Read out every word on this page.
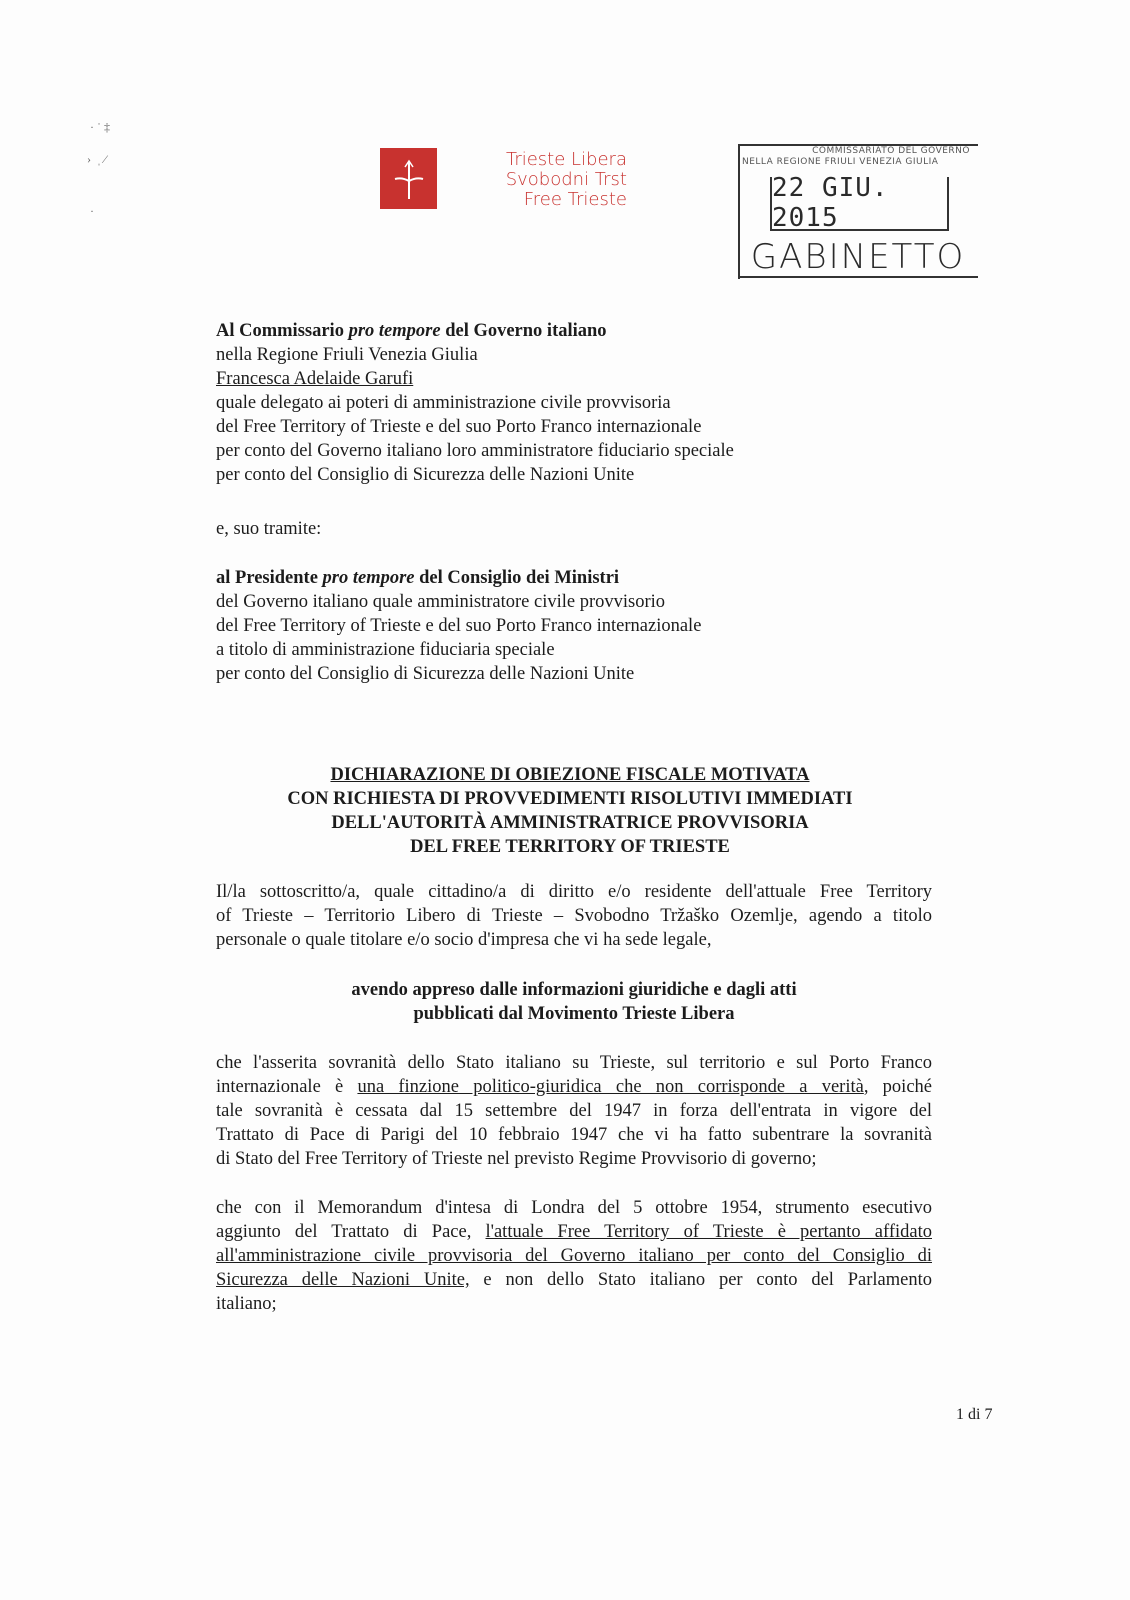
· ˙ ‡
›  ˌ ⁄
·
Trieste Libera
Svobodni Trst
Free Trieste
COMMISSARIATO DEL GOVERNO
NELLA REGIONE FRIULI VENEZIA GIULIA
22 GIU. 2015
GABINETTO
Al Commissario pro tempore del Governo italiano
nella Regione Friuli Venezia Giulia
Francesca Adelaide Garufi
quale delegato ai poteri di amministrazione civile provvisoria
del Free Territory of Trieste e del suo Porto Franco internazionale
per conto del Governo italiano loro amministratore fiduciario speciale
per conto del Consiglio di Sicurezza delle Nazioni Unite
e, suo tramite:
al Presidente pro tempore del Consiglio dei Ministri
del Governo italiano quale amministratore civile provvisorio
del Free Territory of Trieste e del suo Porto Franco internazionale
a titolo di amministrazione fiduciaria speciale
per conto del Consiglio di Sicurezza delle Nazioni Unite
DICHIARAZIONE DI OBIEZIONE FISCALE MOTIVATA
CON RICHIESTA DI PROVVEDIMENTI RISOLUTIVI IMMEDIATI
DELL'AUTORITÀ AMMINISTRATRICE PROVVISORIA
DEL FREE TERRITORY OF TRIESTE
Il/la sottoscritto/a, quale cittadino/a di diritto e/o residente dell'attuale Free Territory
of Trieste – Territorio Libero di Trieste – Svobodno Tržaško Ozemlje, agendo a titolo
personale o quale titolare e/o socio d'impresa che vi ha sede legale,
avendo appreso dalle informazioni giuridiche e dagli atti
pubblicati dal Movimento Trieste Libera
che l'asserita sovranità dello Stato italiano su Trieste, sul territorio e sul Porto Franco
internazionale è una finzione politico-giuridica che non corrisponde a verità, poiché
tale sovranità è cessata dal 15 settembre del 1947 in forza dell'entrata in vigore del
Trattato di Pace di Parigi del 10 febbraio 1947 che vi ha fatto subentrare la sovranità
di Stato del Free Territory of Trieste nel previsto Regime Provvisorio di governo;
che con il Memorandum d'intesa di Londra del 5 ottobre 1954, strumento esecutivo
aggiunto del Trattato di Pace, l'attuale Free Territory of Trieste è pertanto affidato
all'amministrazione civile provvisoria del Governo italiano per conto del Consiglio di
Sicurezza delle Nazioni Unite, e non dello Stato italiano per conto del Parlamento
italiano;
1 di 7
